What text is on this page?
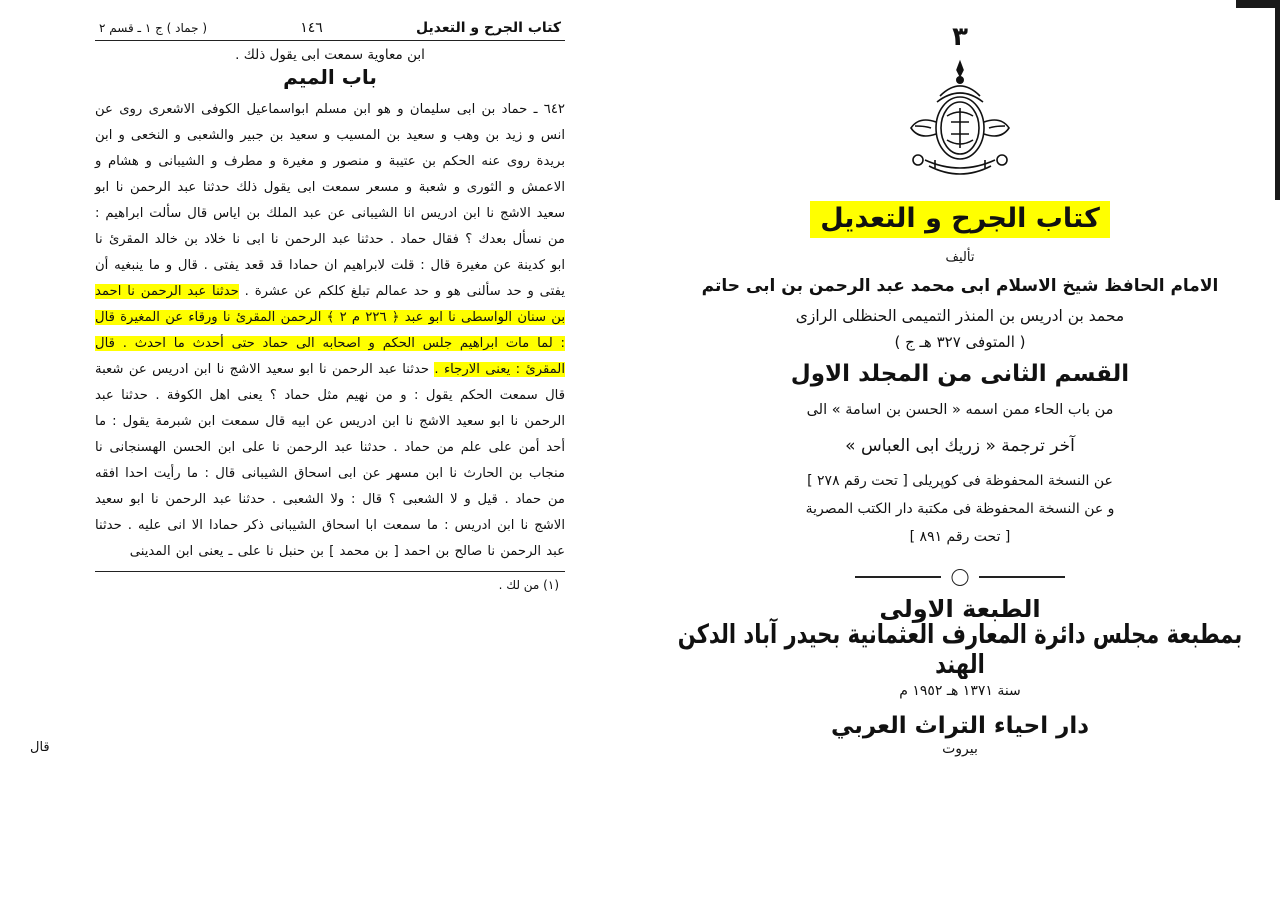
كتاب الجرح و التعديل
١٤٦
( جماد ) ج ١ ـ قسم ٢
ابن معاوية سمعت ابى يقول ذلك .
باب الميم

٦٤٢ ـ حماد بن ابى سليمان و هو ابن مسلم ابواسماعيل الكوفى الاشعرى روى عن انس و زيد بن وهب و سعيد بن المسيب و سعيد بن جبير والشعبى و النخعى و ابن بريدة روى عنه الحكم بن عتيبة و منصور و مغيرة و مطرف و الشيبانى و هشام و الاعمش و الثورى و شعبة و مسعر سمعت ابى يقول ذلك حدثنا عبد الرحمن نا ابو سعيد الاشج نا ابن ادريس انا الشيبانى عن عبد الملك بن اياس قال سألت ابراهيم : من نسأل بعدك ؟ فقال حماد . حدثنا عبد الرحمن نا ابى نا خلاد بن خالد المقرئ نا ابو كدينة عن مغيرة قال : قلت لابراهيم ان حمادا قد قعد يفتى . قال و ما ينبغيه أن يفتى و حد سألنى هو و حد عمالم تبلغ كلكم عن عشرة . حدثنا عبد الرحمن نا احمد بن سنان الواسطى نا ابو عبد ﴿ ٢٢٦ م ٢ ﴾ الرحمن المقرئ نا ورقاء عن المغيرة قال : لما مات ابراهيم جلس الحكم و اصحابه الى حماد حتى أحدث ما احدث . قال المقرئ : يعنى الارجاء . حدثنا عبد الرحمن نا ابو سعيد الاشج نا ابن ادريس عن شعبة قال سمعت الحكم يقول : و من نهيم مثل حماد ؟ يعنى اهل الكوفة . حدثنا عبد الرحمن نا ابو سعيد الاشج نا ابن ادريس عن ابيه قال سمعت ابن شبرمة يقول : ما أحد أمن على علم من حماد . حدثنا عبد الرحمن نا على ابن الحسن الهسنجانى نا منجاب بن الحارث نا ابن مسهر عن ابى اسحاق الشيبانى قال : ما رأيت احدا افقه من حماد . قيل و لا الشعبى ؟ قال : ولا الشعبى . حدثنا عبد الرحمن نا ابو سعيد الاشج نا ابن ادريس : ما سمعت ابا اسحاق الشيبانى ذكر حمادا الا انى عليه . حدثنا عبد الرحمن نا صالح بن احمد [ بن محمد ] بن حنبل نا على ـ يعنى ابن المدينى

(١) من لك .
قال
٣
كتاب الجرح و التعديل
تأليف

الامام الحافظ شيخ الاسلام ابى محمد عبد الرحمن بن ابى حاتم

محمد بن ادريس بن المنذر التميمى الحنظلى الرازى

( المتوفى ٣٢٧ هـ ج )

القسم الثانى من المجلد الاول

من باب الحاء ممن اسمه « الحسن بن اسامة » الى

آخر ترجمة « زريك ابى العباس »

عن النسخة المحفوظة فى كوپريلى [ تحت رقم ٢٧٨ ]

و عن النسخة المحفوظة فى مكتبة دار الكتب المصرية

[ تحت رقم ٨٩١ ]

الطبعة الاولى

بمطبعة مجلس دائرة المعارف العثمانية بحيدر آباد الدكن الهند

سنة ١٣٧١ هـ ١٩٥٢ م

دار احياء التراث العربي

بيروت
